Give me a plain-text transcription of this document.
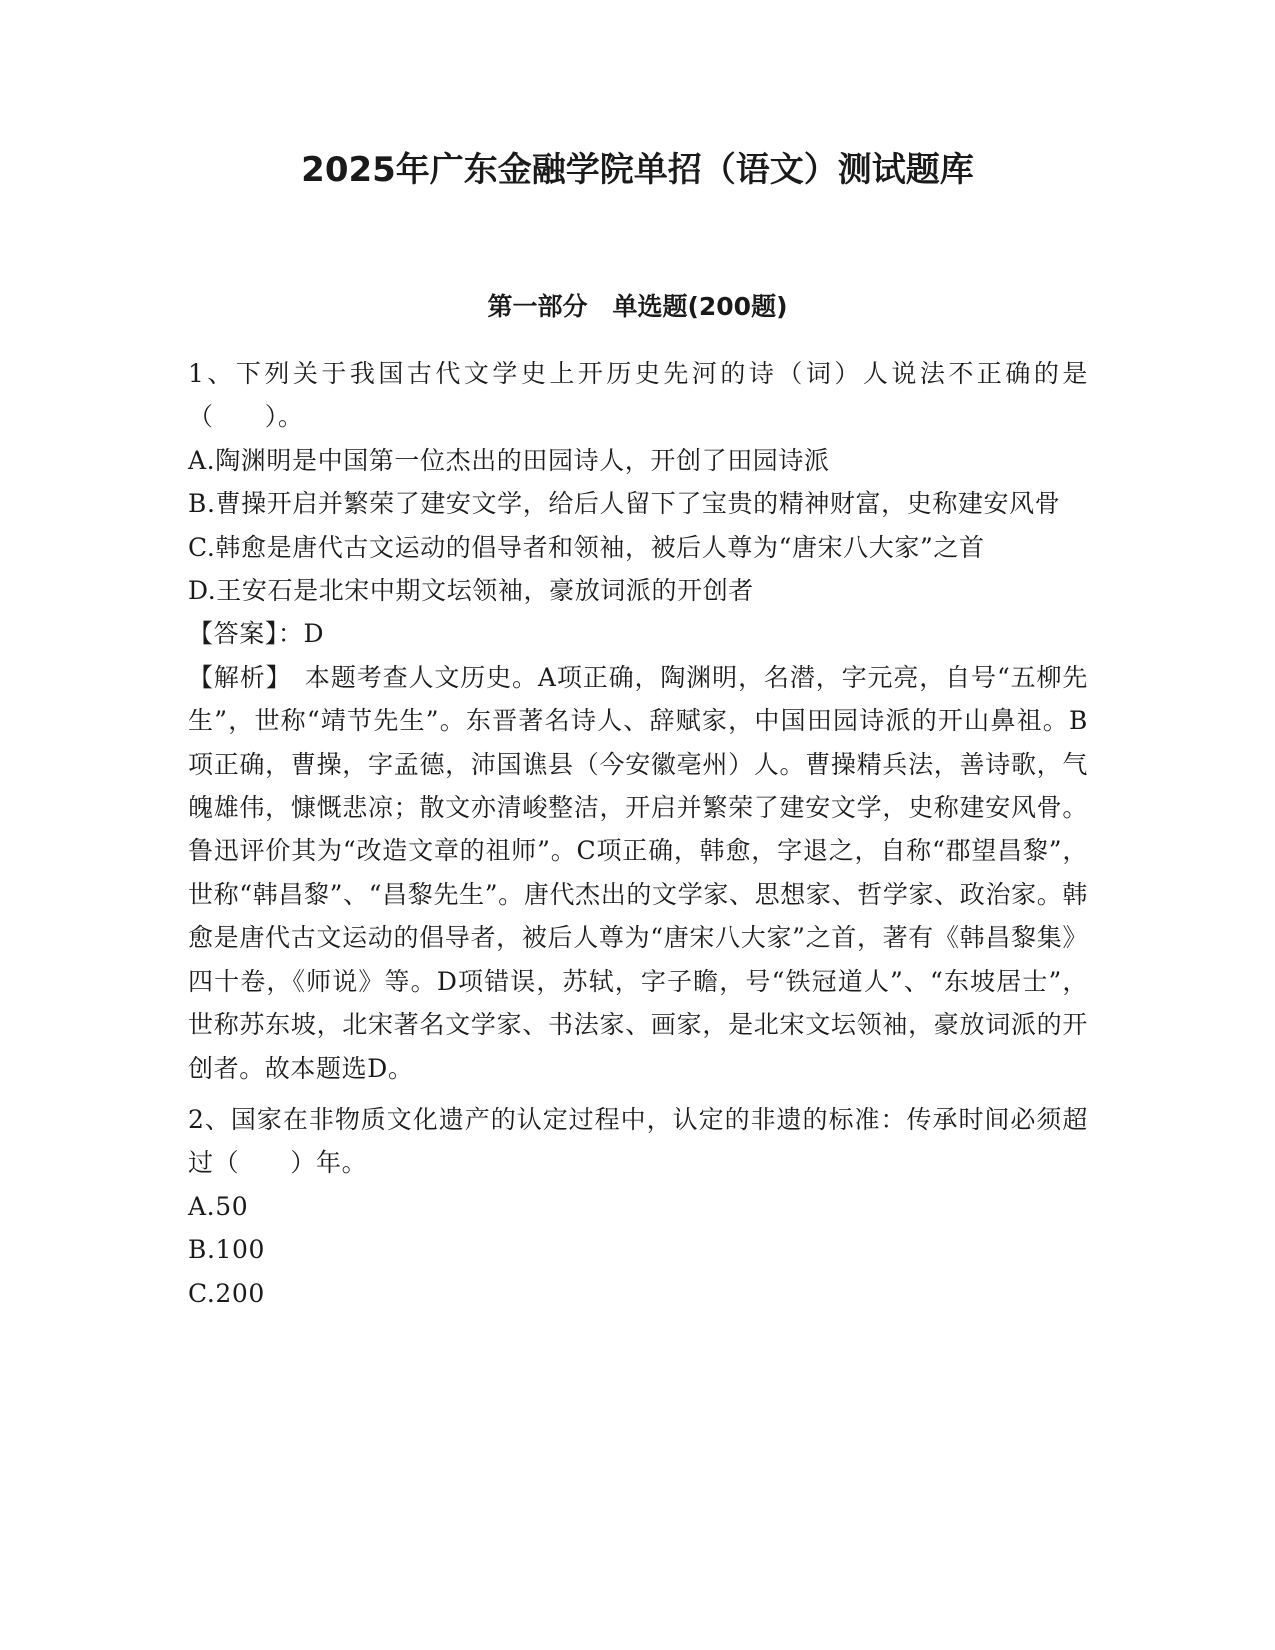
2025年广东金融学院单招（语文）测试题库
第一部分　单选题(200题)

1、下列关于我国古代文学史上开历史先河的诗（词）人说法不正确的是（　　）。

A.陶渊明是中国第一位杰出的田园诗人，开创了田园诗派

B.曹操开启并繁荣了建安文学，给后人留下了宝贵的精神财富，史称建安风骨

C.韩愈是唐代古文运动的倡导者和领袖，被后人尊为“唐宋八大家”之首

D.王安石是北宋中期文坛领袖，豪放词派的开创者

【答案】：D

【解析】　本题考查人文历史。A项正确，陶渊明，名潜，字元亮，自号“五柳先生”，世称“靖节先生”。东晋著名诗人、辞赋家，中国田园诗派的开山鼻祖。B项正确，曹操，字孟德，沛国谯县（今安徽亳州）人。曹操精兵法，善诗歌，气魄雄伟，慷慨悲凉；散文亦清峻整洁，开启并繁荣了建安文学，史称建安风骨。鲁迅评价其为“改造文章的祖师”。C项正确，韩愈，字退之，自称“郡望昌黎”，世称“韩昌黎”、“昌黎先生”。唐代杰出的文学家、思想家、哲学家、政治家。韩愈是唐代古文运动的倡导者，被后人尊为“唐宋八大家”之首，著有《韩昌黎集》四十卷，《师说》等。D项错误，苏轼，字子瞻，号“铁冠道人”、“东坡居士”，世称苏东坡，北宋著名文学家、书法家、画家，是北宋文坛领袖，豪放词派的开创者。故本题选D。

2、国家在非物质文化遗产的认定过程中，认定的非遗的标准：传承时间必须超过（　　）年。

A.50

B.100

C.200
